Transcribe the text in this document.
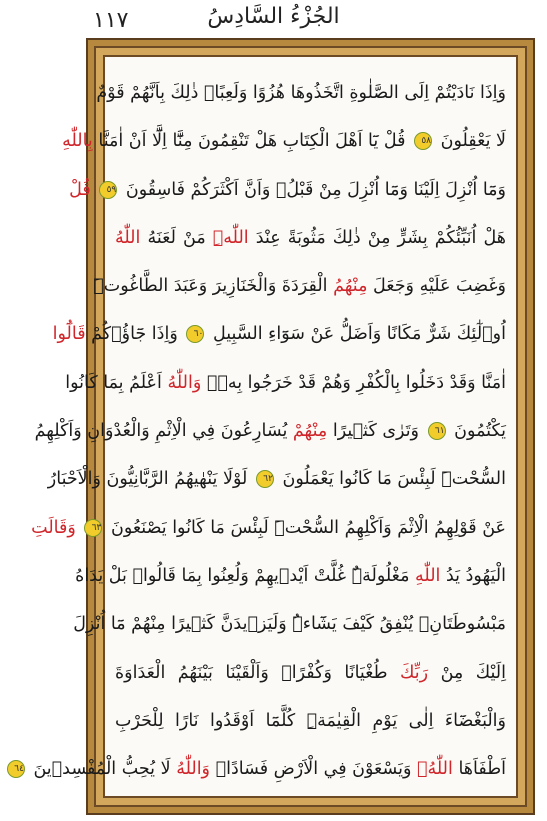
١١٧	الجُزْءُ السَّادِسُ
وَاِذَا نَادَيْتُمْ اِلَى الصَّلٰوةِ اتَّخَذُوهَا هُزُوًا وَلَعِبًاۜ ذٰلِكَ بِاَنَّهُمْ قَوْمٌ
لَا يَعْقِلُونَ ٥٨ قُلْ يَٓا اَهْلَ الْكِتَابِ هَلْ تَنْقِمُونَ مِنَّٓا اِلَّٓا اَنْ اٰمَنَّا بِاللّٰهِ
وَمَٓا اُنْزِلَ اِلَيْنَا وَمَٓا اُنْزِلَ مِنْ قَبْلُۙ وَاَنَّ اَكْثَرَكُمْ فَاسِقُونَ ٥٩ قُلْ
هَلْ اُنَبِّئُكُمْ بِشَرٍّ مِنْ ذٰلِكَ مَثُوبَةً عِنْدَ اللّٰهِۜ مَنْ لَعَنَهُ اللّٰهُ
وَغَضِبَ عَلَيْهِ وَجَعَلَ مِنْهُمُ الْقِرَدَةَ وَالْخَنَازِيرَ وَعَبَدَ الطَّاغُوتَۜ
اُو۬لٰٓئِكَ شَرٌّ مَكَانًا وَاَضَلُّ عَنْ سَوَٓاءِ السَّبِيلِ ٦٠ وَاِذَا جَٓاؤُ۫كُمْ قَالُٓوا
اٰمَنَّا وَقَدْ دَخَلُوا بِالْكُفْرِ وَهُمْ قَدْ خَرَجُوا بِهٖۜ وَاللّٰهُ اَعْلَمُ بِمَا كَانُوا
يَكْتُمُونَ ٦١ وَتَرٰى كَث۪يرًا مِنْهُمْ يُسَارِعُونَ فِي الْاِثْمِ وَالْعُدْوَانِ وَاَكْلِهِمُ
السُّحْتَۜ لَبِئْسَ مَا كَانُوا يَعْمَلُونَ ٦٢ لَوْلَا يَنْهٰيهُمُ الرَّبَّانِيُّونَ وَالْاَحْبَارُ
عَنْ قَوْلِهِمُ الْاِثْمَ وَاَكْلِهِمُ السُّحْتَۜ لَبِئْسَ مَا كَانُوا يَصْنَعُونَ ٦٣ وَقَالَتِ
الْيَهُودُ يَدُ اللّٰهِ مَغْلُولَةٌۜ غُلَّتْ اَيْد۪يهِمْ وَلُعِنُوا بِمَا قَالُواۢ بَلْ يَدَاهُ
مَبْسُوطَتَانِۙ يُنْفِقُ كَيْفَ يَشَٓاءُۜ وَلَيَز۪يدَنَّ كَث۪يرًا مِنْهُمْ مَٓا اُنْزِلَ
اِلَيْكَ مِنْ رَبِّكَ طُغْيَانًا وَكُفْرًاۜ وَاَلْقَيْنَا بَيْنَهُمُ الْعَدَاوَةَ
وَالْبَغْضَٓاءَ اِلٰى يَوْمِ الْقِيٰمَةِۜ كُلَّمَٓا اَوْقَدُوا نَارًا لِلْحَرْبِ
اَطْفَاَهَا اللّٰهُۙ وَيَسْعَوْنَ فِي الْاَرْضِ فَسَادًاۜ وَاللّٰهُ لَا يُحِبُّ الْمُفْسِد۪ينَ ٦٤
